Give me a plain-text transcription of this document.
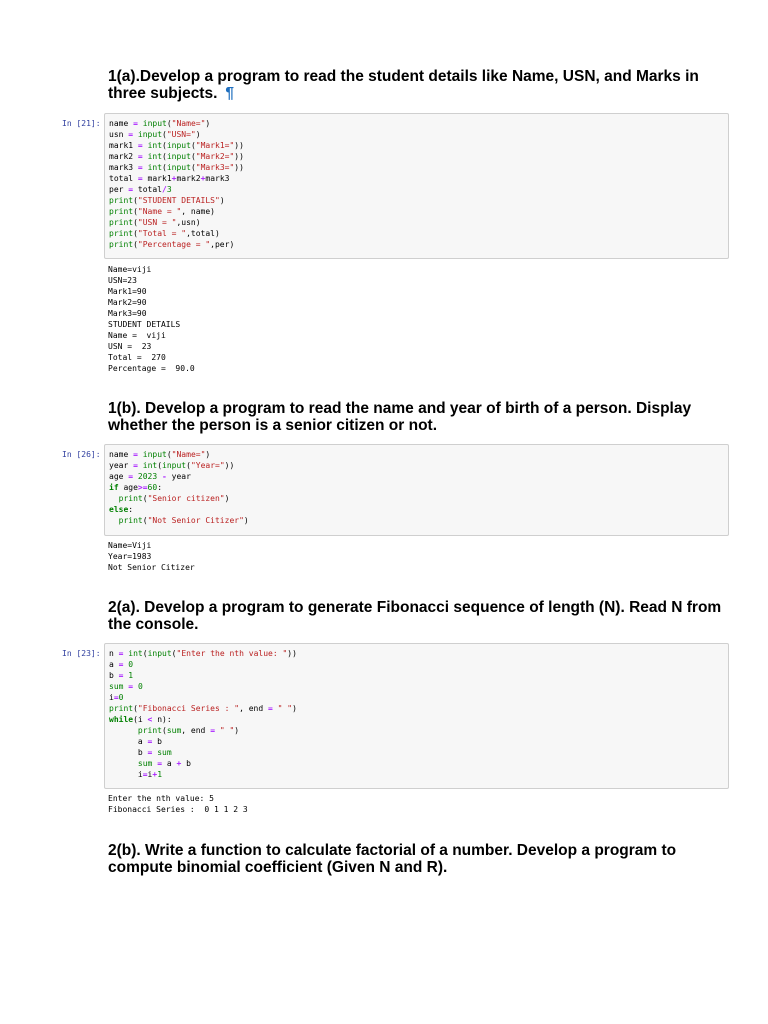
1(a).Develop a program to read the student details like Name, USN, and Marks in three subjects. ¶
In [21]:	name = input("Name=")
usn = input("USN=")
mark1 = int(input("Mark1="))
mark2 = int(input("Mark2="))
mark3 = int(input("Mark3="))
total = mark1+mark2+mark3
per = total/3
print("STUDENT DETAILS")
print("Name = ", name)
print("USN = ",usn)
print("Total = ",total)
print("Percentage = ",per)
Name=viji
USN=23
Mark1=90
Mark2=90
Mark3=90
STUDENT DETAILS
Name =  viji
USN =  23
Total =  270
Percentage =  90.0
1(b). Develop a program to read the name and year of birth of a person. Display whether the person is a senior citizen or not.
In [26]:	name = input("Name=")
year = int(input("Year="))
age = 2023 - year
if age>=60:
print("Senior citizen")
else:
print("Not Senior Citizer")
Name=Viji
Year=1983
Not Senior Citizer
2(a). Develop a program to generate Fibonacci sequence of length (N). Read N from the console.
In [23]:	n = int(input("Enter the nth value: "))
a = 0
b = 1
sum = 0
i=0
print("Fibonacci Series : ", end = " ")
while(i < n):
print(sum, end = " ")
a = b
b = sum
sum = a + b
i=i+1
Enter the nth value: 5
Fibonacci Series :  0 1 1 2 3
2(b). Write a function to calculate factorial of a number. Develop a program to compute binomial coefficient (Given N and R).
